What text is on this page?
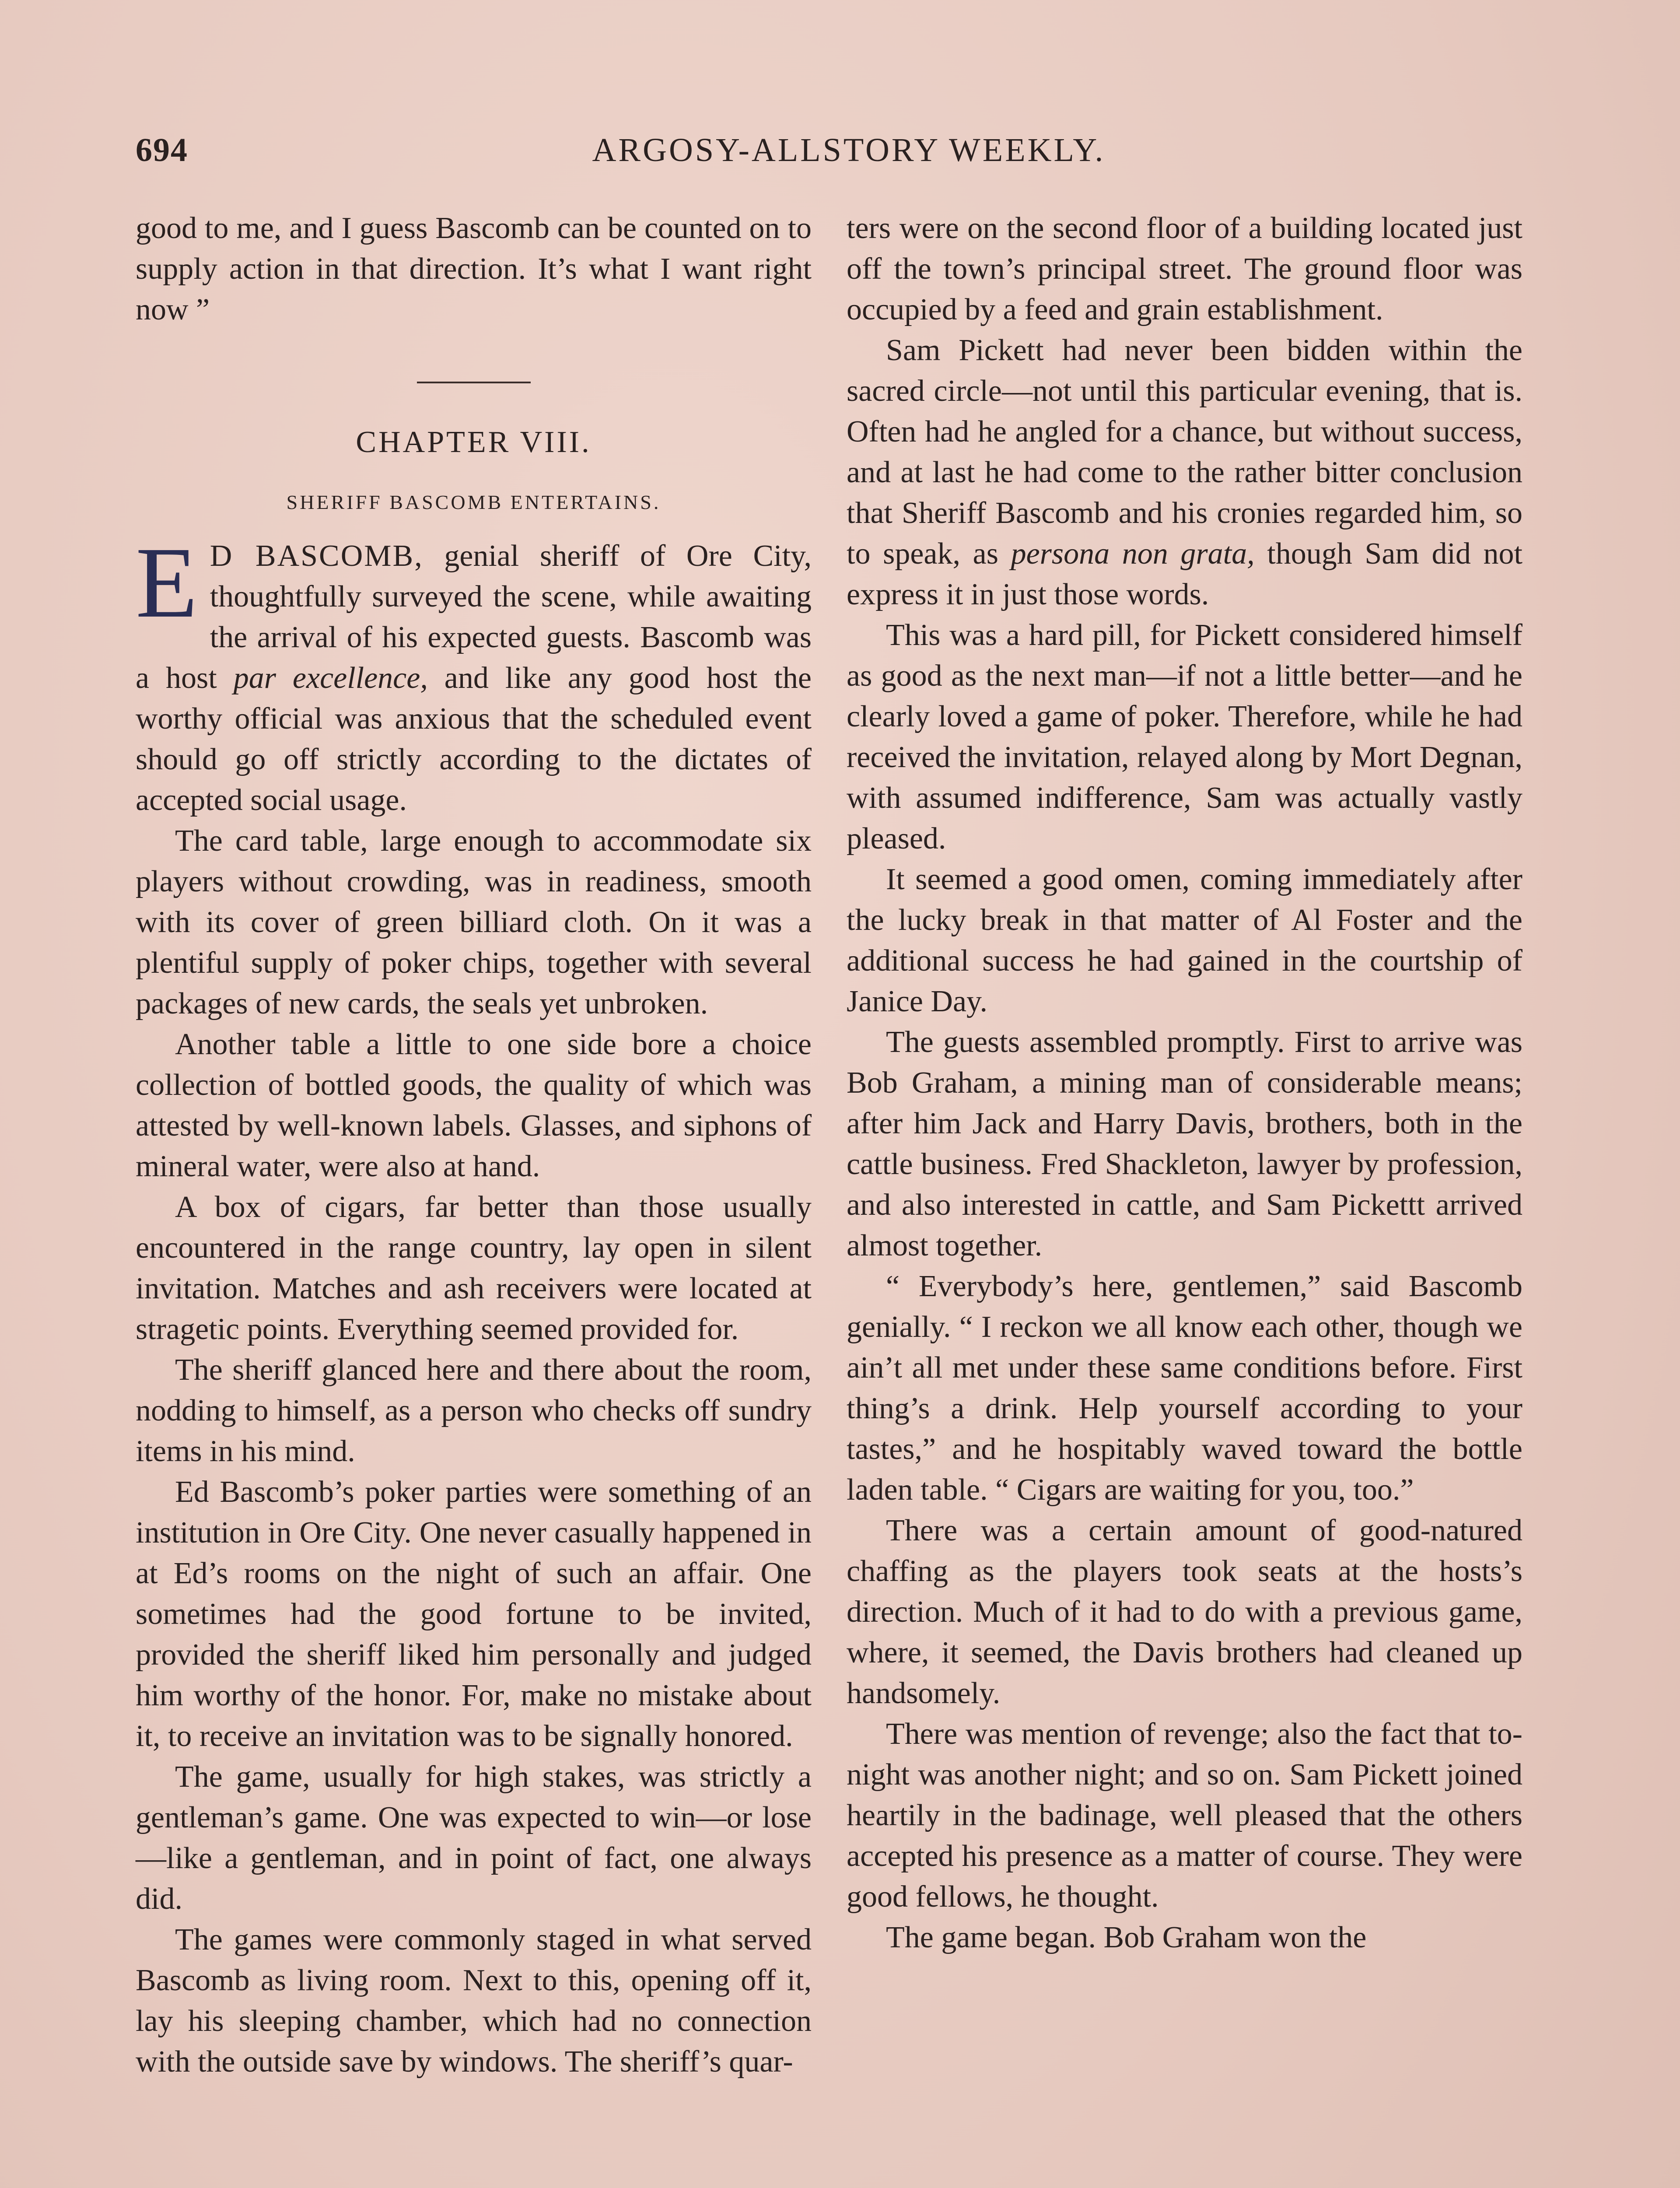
694	ARGOSY-ALLSTORY WEEKLY.

good to me, and I guess Bascomb can be counted on to supply action in that direction. It’s what I want right now ”

CHAPTER VIII.
SHERIFF BASCOMB ENTERTAINS.

E D BASCOMB, genial sheriff of Ore City, thoughtfully surveyed the scene, while awaiting the arrival of his expected guests. Bascomb was a host par excellence, and like any good host the worthy official was anxious that the scheduled event should go off strictly according to the dictates of accepted social usage.

The card table, large enough to accommodate six players without crowding, was in readiness, smooth with its cover of green billiard cloth. On it was a plentiful supply of poker chips, together with several packages of new cards, the seals yet unbroken.

Another table a little to one side bore a choice collection of bottled goods, the quality of which was attested by well-known labels. Glasses, and siphons of mineral water, were also at hand.

A box of cigars, far better than those usually encountered in the range country, lay open in silent invitation. Matches and ash receivers were located at stragetic points. Everything seemed provided for.

The sheriff glanced here and there about the room, nodding to himself, as a person who checks off sundry items in his mind.

Ed Bascomb’s poker parties were something of an institution in Ore City. One never casually happened in at Ed’s rooms on the night of such an affair. One sometimes had the good fortune to be invited, provided the sheriff liked him personally and judged him worthy of the honor. For, make no mistake about it, to receive an invitation was to be signally honored.

The game, usually for high stakes, was strictly a gentleman’s game. One was expected to win—or lose—like a gentleman, and in point of fact, one always did.

The games were commonly staged in what served Bascomb as living room. Next to this, opening off it, lay his sleeping chamber, which had no connection with the outside save by windows. The sheriff’s quar-

ters were on the second floor of a building located just off the town’s principal street. The ground floor was occupied by a feed and grain establishment.

Sam Pickett had never been bidden within the sacred circle—not until this particular evening, that is. Often had he angled for a chance, but without success, and at last he had come to the rather bitter conclusion that Sheriff Bascomb and his cronies regarded him, so to speak, as persona non grata, though Sam did not express it in just those words.

This was a hard pill, for Pickett considered himself as good as the next man—if not a little better—and he clearly loved a game of poker. Therefore, while he had received the invitation, relayed along by Mort Degnan, with assumed indifference, Sam was actually vastly pleased.

It seemed a good omen, coming immediately after the lucky break in that matter of Al Foster and the additional success he had gained in the courtship of Janice Day.

The guests assembled promptly. First to arrive was Bob Graham, a mining man of considerable means; after him Jack and Harry Davis, brothers, both in the cattle business. Fred Shackleton, lawyer by profession, and also interested in cattle, and Sam Pickettt arrived almost together.

“ Everybody’s here, gentlemen,” said Bascomb genially. “ I reckon we all know each other, though we ain’t all met under these same conditions before. First thing’s a drink. Help yourself according to your tastes,” and he hospitably waved toward the bottle laden table. “ Cigars are waiting for you, too.”

There was a certain amount of good-natured chaffing as the players took seats at the hosts’s direction. Much of it had to do with a previous game, where, it seemed, the Davis brothers had cleaned up handsomely.

There was mention of revenge; also the fact that to-night was another night; and so on. Sam Pickett joined heartily in the badinage, well pleased that the others accepted his presence as a matter of course. They were good fellows, he thought.

The game began. Bob Graham won the
